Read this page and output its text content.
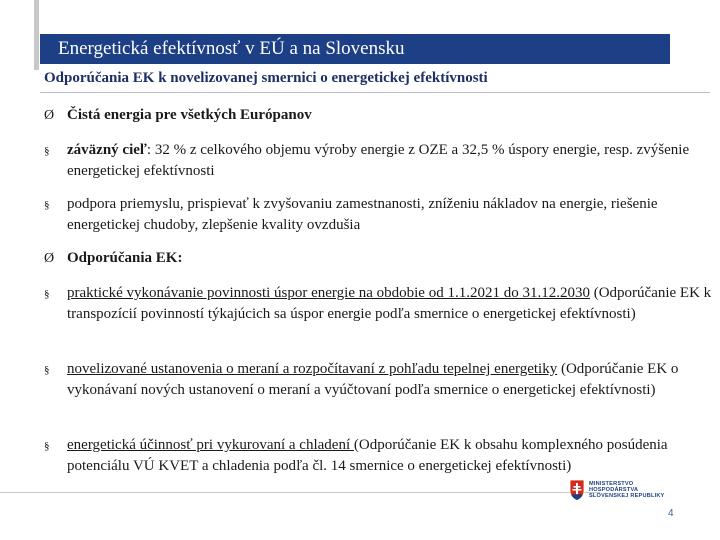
Energetická efektívnosť v EÚ a na Slovensku
Odporúčania EK k novelizovanej smernici o energetickej efektívnosti
Ø Čistá energia pre všetkých Európanov
§	záväzný cieľ: 32 % z celkového objemu výroby energie z OZE a 32,5 % úspory energie, resp. zvýšenie energetickej efektívnosti
§	podpora priemyslu, prispievať k zvyšovaniu zamestnanosti, zníženiu nákladov na energie, riešenie energetickej chudoby, zlepšenie kvality ovzdušia
Ø Odporúčania EK:
§	praktické vykonávanie povinnosti úspor energie na obdobie od 1.1.2021 do 31.12.2030 (Odporúčanie EK k transpozícií povinností týkajúcich sa úspor energie podľa smernice o energetickej efektívnosti)
§	novelizované ustanovenia o meraní a rozpočítavaní z pohľadu tepelnej energetiky (Odporúčanie EK o vykonávaní nových ustanovení o meraní a vyúčtovaní podľa smernice o energetickej efektívnosti)
§	energetická účinnosť pri vykurovaní a chladení (Odporúčanie EK k obsahu komplexného posúdenia potenciálu VÚ KVET a chladenia podľa čl. 14 smernice o energetickej efektívnosti)
MINISTERSTVO
HOSPODÁRSTVA
SLOVENSKEJ REPUBLIKY
4
